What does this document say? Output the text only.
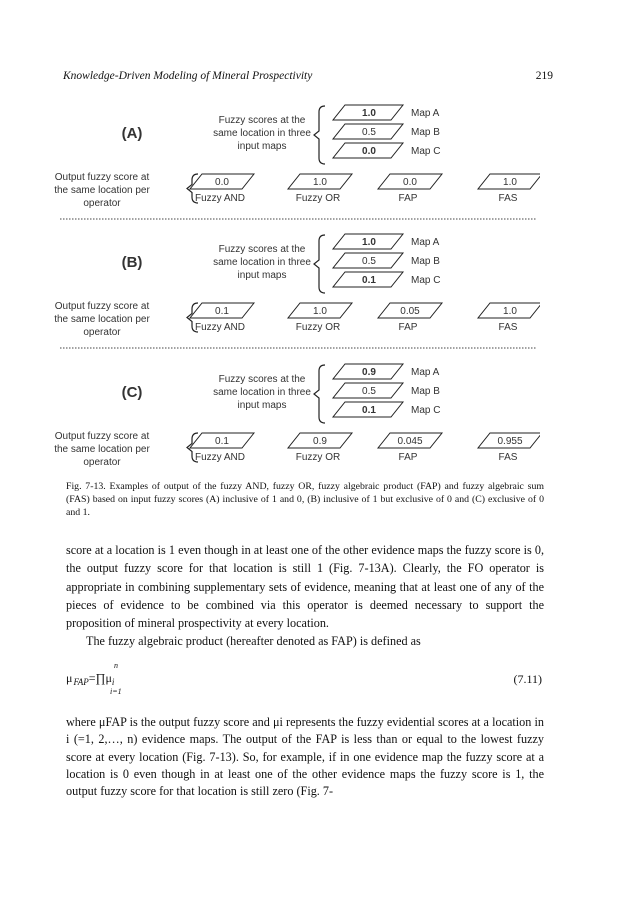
Knowledge-Driven Modeling of Mineral Prospectivity	219
(A)
Fuzzy scores at the
same location in three
input maps
1.0	Map A
0.5	Map B
0.0	Map C
Output fuzzy score at
the same location per
operator
0.0
Fuzzy AND
1.0
Fuzzy OR
0.0
FAP
1.0
FAS
(B)
Fuzzy scores at the
same location in three
input maps
1.0	Map A
0.5	Map B
0.1	Map C
Output fuzzy score at
the same location per
operator
0.1
Fuzzy AND
1.0
Fuzzy OR
0.05
FAP
1.0
FAS
(C)
Fuzzy scores at the
same location in three
input maps
0.9	Map A
0.5	Map B
0.1	Map C
Output fuzzy score at
the same location per
operator
0.1
Fuzzy AND
0.9
Fuzzy OR
0.045
FAP
0.955
FAS
Fig. 7-13. Examples of output of the fuzzy AND, fuzzy OR, fuzzy algebraic product (FAP) and fuzzy algebraic sum (FAS) based on input fuzzy scores (A) inclusive of 1 and 0, (B) inclusive of 1 but exclusive of 0 and (C) exclusive of 0 and 1.

score at a location is 1 even though in at least one of the other evidence maps the fuzzy score is 0, the output fuzzy score for that location is still 1 (Fig. 7-13A). Clearly, the FO operator is appropriate in combining supplementary sets of evidence, meaning that at least one of any of the pieces of evidence to be combined via this operator is deemed necessary to support the proposition of mineral prospectivity at every location.

The fuzzy algebraic product (hereafter denoted as FAP) is defined as

n
μ $_{FAP}=\prod\mu_i$
i=1
(7.11)

where μFAP is the output fuzzy score and μi represents the fuzzy evidential scores at a location in i (=1, 2,…, n) evidence maps. The output of the FAP is less than or equal to the lowest fuzzy score at every location (Fig. 7-13). So, for example, if in one evidence map the fuzzy score at a location is 0 even though in at least one of the other evidence maps the fuzzy score is 1, the output fuzzy score for that location is still zero (Fig. 7-
